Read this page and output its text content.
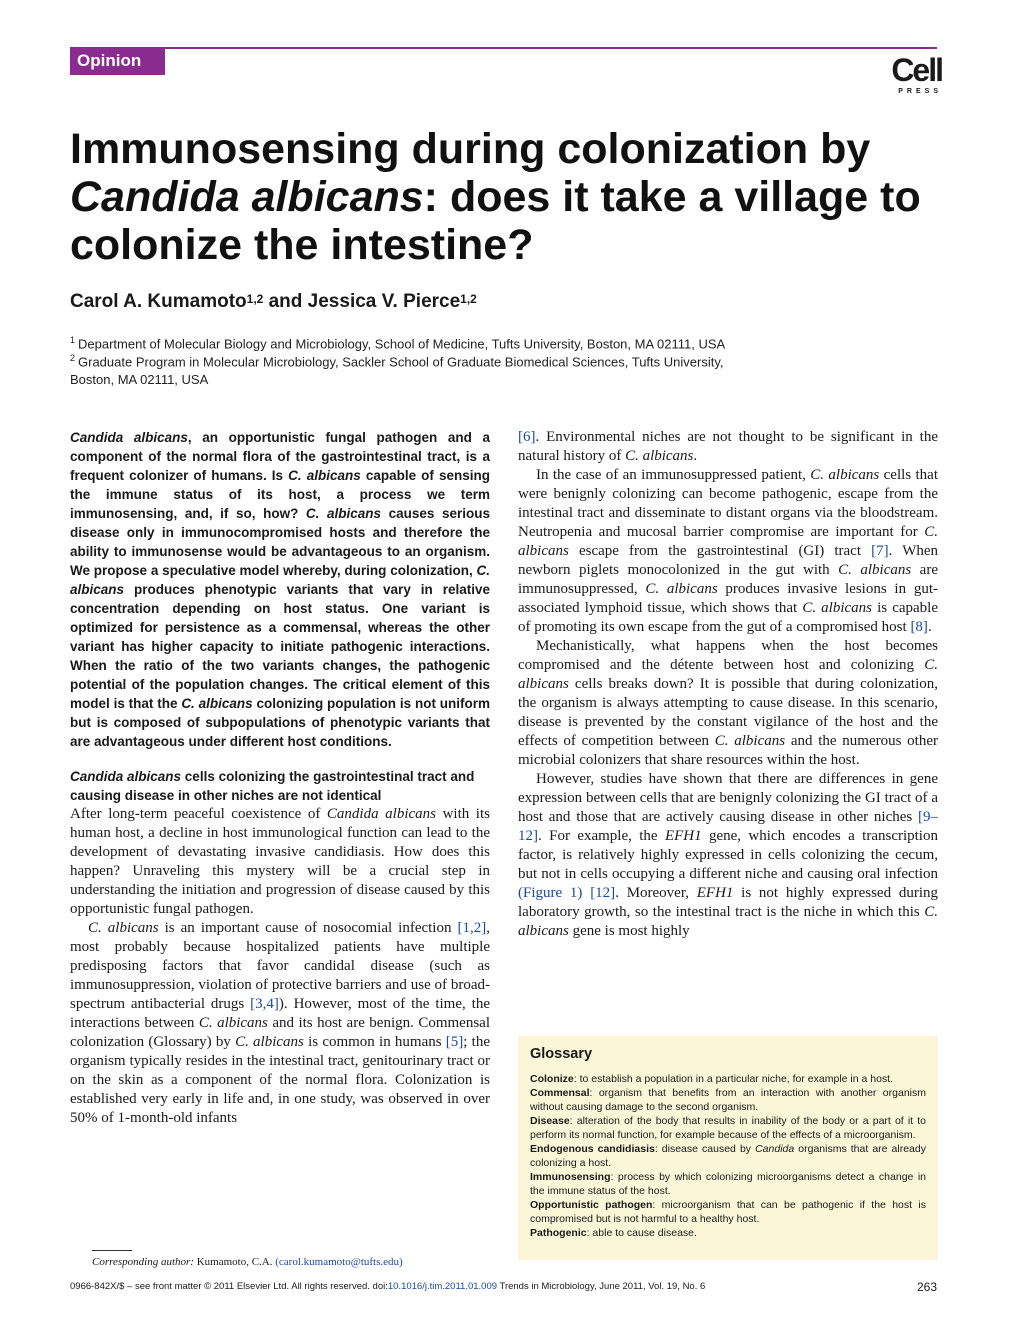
Opinion	Cell
PRESS
Immunosensing during colonization by Candida albicans: does it take a village to colonize the intestine?
Carol A. Kumamoto$^{1,2}$ and Jessica V. Pierce$^{1,2}$
$^1$ Department of Molecular Biology and Microbiology, School of Medicine, Tufts University, Boston, MA 02111, USA
$^2$ Graduate Program in Molecular Microbiology, Sackler School of Graduate Biomedical Sciences, Tufts University,
Boston, MA 02111, USA

Candida albicans, an opportunistic fungal pathogen and a component of the normal flora of the gastrointestinal tract, is a frequent colonizer of humans. Is C. albicans capable of sensing the immune status of its host, a process we term immunosensing, and, if so, how? C. albicans causes serious disease only in immunocompromised hosts and therefore the ability to immunosense would be advantageous to an organism. We propose a speculative model whereby, during colonization, C. albicans produces phenotypic variants that vary in relative concentration depending on host status. One variant is optimized for persistence as a commensal, whereas the other variant has higher capacity to initiate pathogenic interactions. When the ratio of the two variants changes, the pathogenic potential of the population changes. The critical element of this model is that the C. albicans colonizing population is not uniform but is composed of subpopulations of phenotypic variants that are advantageous under different host conditions.

Candida albicans cells colonizing the gastrointestinal tract and causing disease in other niches are not identical

After long-term peaceful coexistence of Candida albicans with its human host, a decline in host immunological function can lead to the development of devastating invasive candidiasis. How does this happen? Unraveling this mystery will be a crucial step in understanding the initiation and progression of disease caused by this opportunistic fungal pathogen.

C. albicans is an important cause of nosocomial infection [1,2], most probably because hospitalized patients have multiple predisposing factors that favor candidal disease (such as immunosuppression, violation of protective barriers and use of broad-spectrum antibacterial drugs [3,4]). However, most of the time, the interactions between C. albicans and its host are benign. Commensal colonization (Glossary) by C. albicans is common in humans [5]; the organism typically resides in the intestinal tract, genitourinary tract or on the skin as a component of the normal flora. Colonization is established very early in life and, in one study, was observed in over 50% of 1-month-old infants

[6]. Environmental niches are not thought to be significant in the natural history of C. albicans.

In the case of an immunosuppressed patient, C. albicans cells that were benignly colonizing can become pathogenic, escape from the intestinal tract and disseminate to distant organs via the bloodstream. Neutropenia and mucosal barrier compromise are important for C. albicans escape from the gastrointestinal (GI) tract [7]. When newborn piglets monocolonized in the gut with C. albicans are immunosuppressed, C. albicans produces invasive lesions in gut-associated lymphoid tissue, which shows that C. albicans is capable of promoting its own escape from the gut of a compromised host [8].

Mechanistically, what happens when the host becomes compromised and the détente between host and colonizing C. albicans cells breaks down? It is possible that during colonization, the organism is always attempting to cause disease. In this scenario, disease is prevented by the constant vigilance of the host and the effects of competition between C. albicans and the numerous other microbial colonizers that share resources within the host.

However, studies have shown that there are differences in gene expression between cells that are benignly colonizing the GI tract of a host and those that are actively causing disease in other niches [9–12]. For example, the EFH1 gene, which encodes a transcription factor, is relatively highly expressed in cells colonizing the cecum, but not in cells occupying a different niche and causing oral infection (Figure 1) [12]. Moreover, EFH1 is not highly expressed during laboratory growth, so the intestinal tract is the niche in which this C. albicans gene is most highly

Glossary

Colonize: to establish a population in a particular niche, for example in a host.

Commensal: organism that benefits from an interaction with another organism without causing damage to the second organism.

Disease: alteration of the body that results in inability of the body or a part of it to perform its normal function, for example because of the effects of a microorganism.

Endogenous candidiasis: disease caused by Candida organisms that are already colonizing a host.

Immunosensing: process by which colonizing microorganisms detect a change in the immune status of the host.

Opportunistic pathogen: microorganism that can be pathogenic if the host is compromised but is not harmful to a healthy host.

Pathogenic: able to cause disease.

Corresponding author: Kumamoto, C.A. (carol.kumamoto@tufts.edu)
0966-842X/$ – see front matter © 2011 Elsevier Ltd. All rights reserved. doi:10.1016/j.tim.2011.01.009 Trends in Microbiology, June 2011, Vol. 19, No. 6	263
